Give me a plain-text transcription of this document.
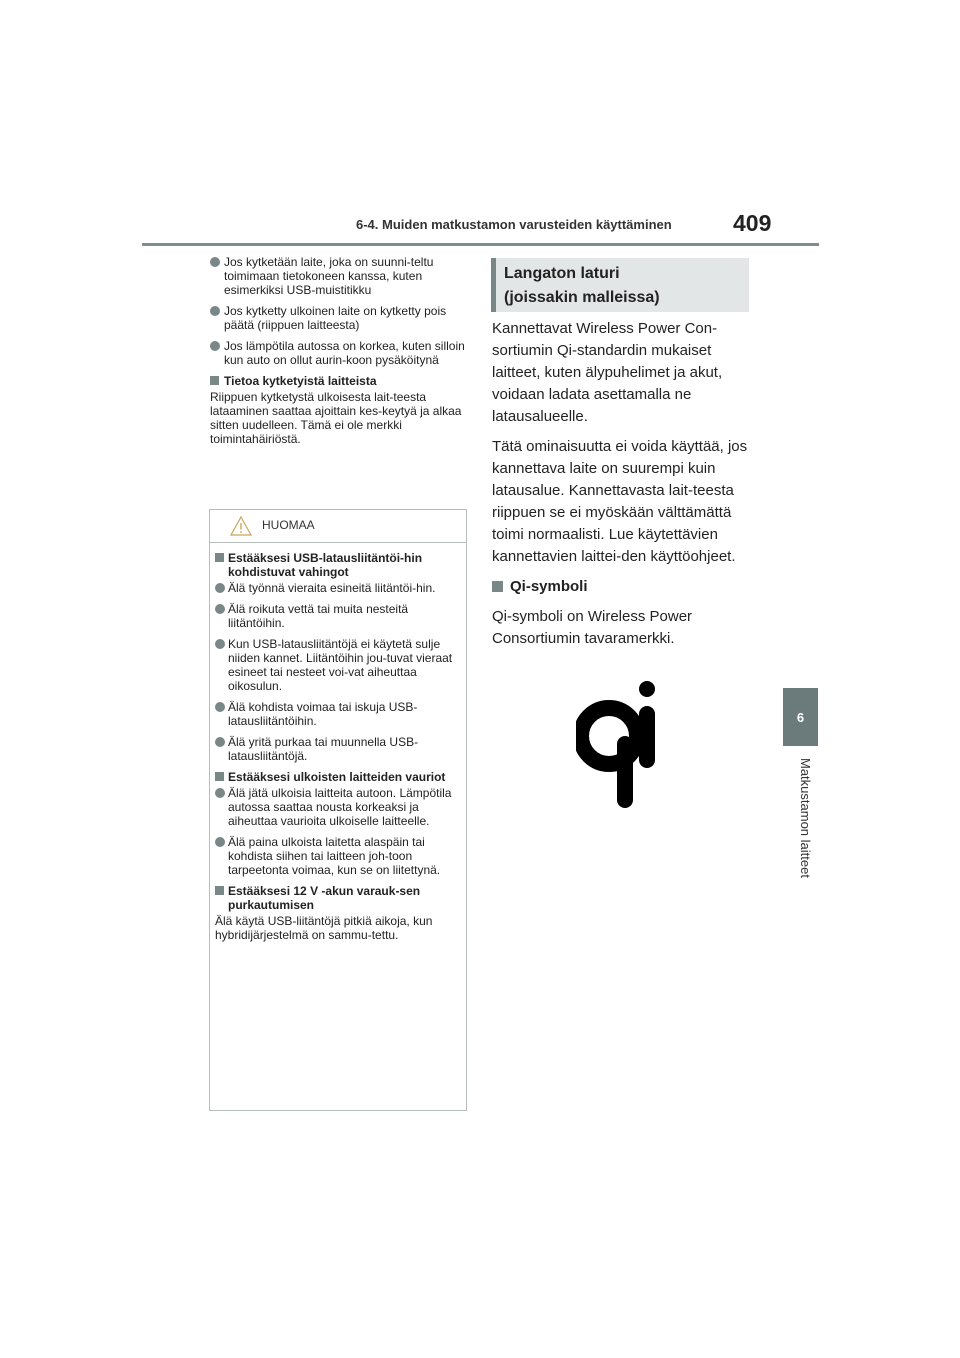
6-4. Muiden matkustamon varusteiden käyttäminen	409
6
Matkustamon laitteet
Jos kytketään laite, joka on suunni-teltu toimimaan tietokoneen kanssa, kuten esimerkiksi USB-muistitikku
Jos kytketty ulkoinen laite on kytketty pois päätä (riippuen laitteesta)
Jos lämpötila autossa on korkea, kuten silloin kun auto on ollut aurin-koon pysäköitynä
Tietoa kytketyistä laitteista

Riippuen kytketystä ulkoisesta lait-teesta lataaminen saattaa ajoittain kes-keytyä ja alkaa sitten uudelleen. Tämä ei ole merkki toimintahäiriöstä.

HUOMAA
Estääksesi USB-latausliitäntöi-hin kohdistuvat vahingot
Älä työnnä vieraita esineitä liitäntöi-hin.
Älä roikuta vettä tai muita nesteitä liitäntöihin.
Kun USB-latausliitäntöjä ei käytetä sulje niiden kannet. Liitäntöihin jou-tuvat vieraat esineet tai nesteet voi-vat aiheuttaa oikosulun.
Älä kohdista voimaa tai iskuja USB-latausliitäntöihin.
Älä yritä purkaa tai muunnella USB-latausliitäntöjä.
Estääksesi ulkoisten laitteiden vauriot
Älä jätä ulkoisia laitteita autoon. Lämpötila autossa saattaa nousta korkeaksi ja aiheuttaa vaurioita ulkoiselle laitteelle.
Älä paina ulkoista laitetta alaspäin tai kohdista siihen tai laitteen joh-toon tarpeetonta voimaa, kun se on liitettynä.
Estääksesi 12 V -akun varauk-sen purkautumisen

Älä käytä USB-liitäntöjä pitkiä aikoja, kun hybridijärjestelmä on sammu-tettu.

Langaton laturi
(joissakin malleissa)

Kannettavat Wireless Power Con-sortiumin Qi-standardin mukaiset laitteet, kuten älypuhelimet ja akut, voidaan ladata asettamalla ne latausalueelle.

Tätä ominaisuutta ei voida käyttää, jos kannettava laite on suurempi kuin latausalue. Kannettavasta lait-teesta riippuen se ei myöskään välttämättä toimi normaalisti. Lue käytettävien kannettavien laittei-den käyttöohjeet.

Qi-symboli

Qi-symboli on Wireless Power Consortiumin tavaramerkki.
